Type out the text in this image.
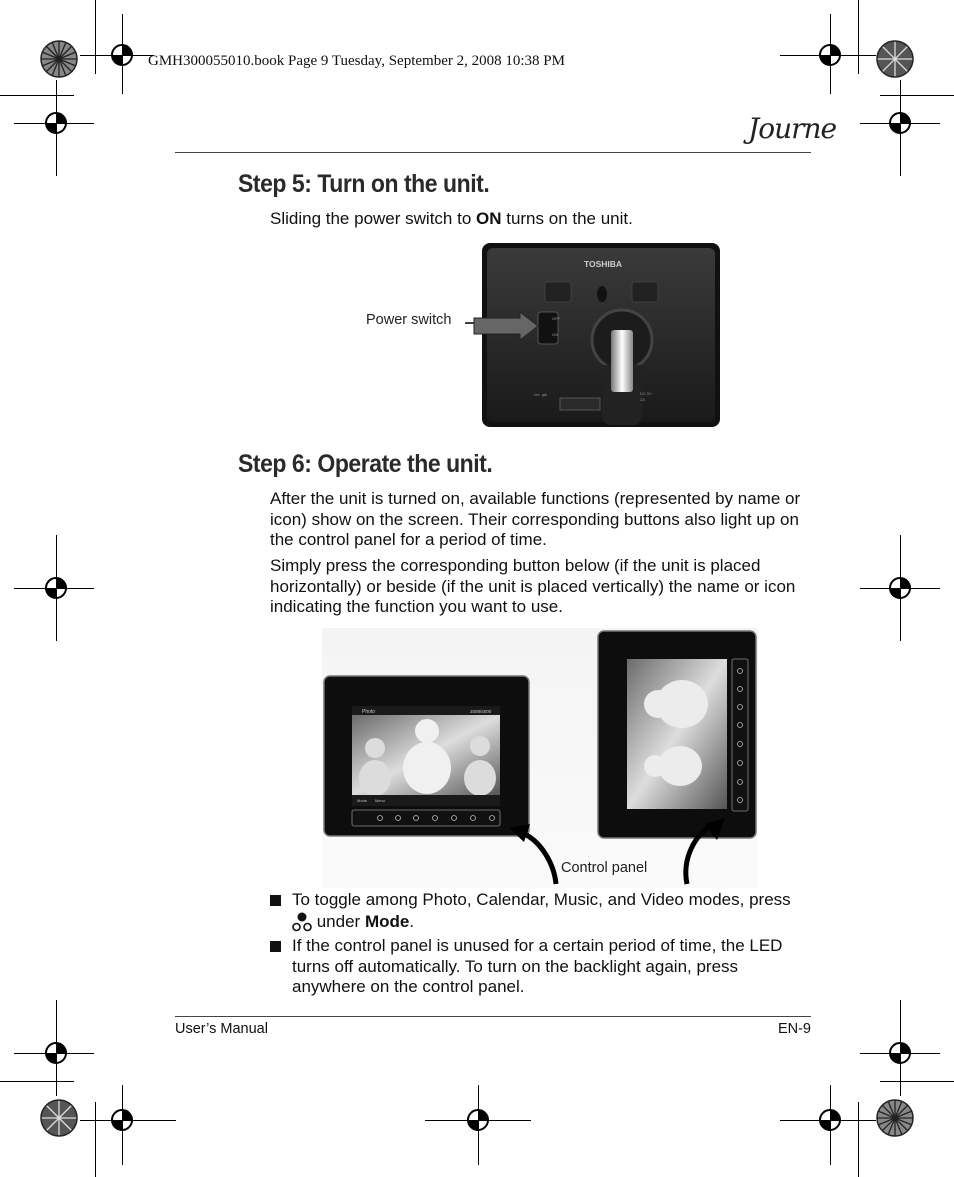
GMH300055010.book Page 9 Tuesday, September 2, 2008 10:38 PM
Journe
Step 5: Turn on the unit.
Sliding the power switch to ON turns on the unit.
Power switch
TOSHIBA
OFF
ON
DC 5V
2A
⎓ ⇌
Step 6: Operate the unit.
After the unit is turned on, available functions (represented by name or icon) show on the screen. Their corresponding buttons also light up on the control panel for a period of time.
Simply press the corresponding button below (if the unit is placed horizontally) or beside (if the unit is placed vertically) the name or icon indicating the function you want to use.
Photo	2008/4000
Mode Menu
Control panel
To toggle among Photo, Calendar, Music, and Video modes, press  under Mode.
If the control panel is unused for a certain period of time, the LED turns off automatically. To turn on the backlight again, press anywhere on the control panel.
User’s Manual	EN-9
